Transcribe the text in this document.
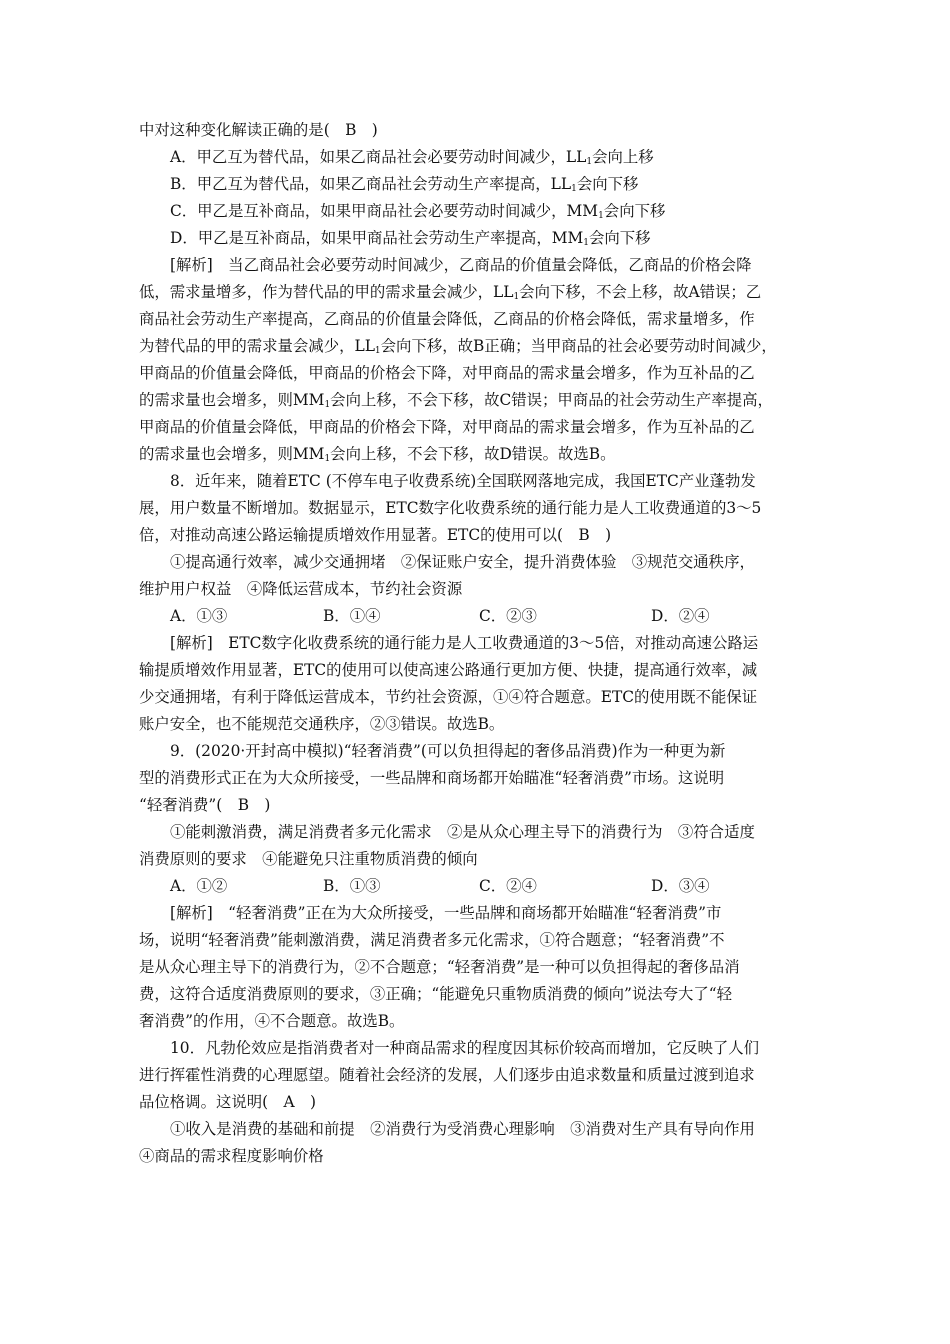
中对这种变化解读正确的是(　B　)
A．甲乙互为替代品，如果乙商品社会必要劳动时间减少，$LL_1$会向上移
B．甲乙互为替代品，如果乙商品社会劳动生产率提高，$LL_1$会向下移
C．甲乙是互补商品，如果甲商品社会必要劳动时间减少，$MM_1$会向下移
D．甲乙是互补商品，如果甲商品社会劳动生产率提高，$MM_1$会向下移
[解析]　当乙商品社会必要劳动时间减少，乙商品的价值量会降低，乙商品的价格会降
低，需求量增多，作为替代品的甲的需求量会减少，$LL_1$会向下移，不会上移，故A错误；乙
商品社会劳动生产率提高，乙商品的价值量会降低，乙商品的价格会降低，需求量增多，作
为替代品的甲的需求量会减少，$LL_1$会向下移，故B正确；当甲商品的社会必要劳动时间减少，
甲商品的价值量会降低，甲商品的价格会下降，对甲商品的需求量会增多，作为互补品的乙
的需求量也会增多，则$MM_1$会向上移，不会下移，故C错误；甲商品的社会劳动生产率提高，
甲商品的价值量会降低，甲商品的价格会下降，对甲商品的需求量会增多，作为互补品的乙
的需求量也会增多，则$MM_1$会向上移，不会下移，故D错误。故选B。
8．近年来，随着ETC (不停车电子收费系统)全国联网落地完成，我国ETC产业蓬勃发
展，用户数量不断增加。数据显示，ETC数字化收费系统的通行能力是人工收费通道的3～5
倍，对推动高速公路运输提质增效作用显著。ETC的使用可以(　B　)
①提高通行效率，减少交通拥堵　②保证账户安全，提升消费体验　③规范交通秩序，
维护用户权益　④降低运营成本，节约社会资源
A．①③	B．①④	C．②③	D．②④
[解析]　ETC数字化收费系统的通行能力是人工收费通道的3～5倍，对推动高速公路运
输提质增效作用显著，ETC的使用可以使高速公路通行更加方便、快捷，提高通行效率，减
少交通拥堵，有利于降低运营成本，节约社会资源，①④符合题意。ETC的使用既不能保证
账户安全，也不能规范交通秩序，②③错误。故选B。
9．(2020·开封高中模拟)“轻奢消费”(可以负担得起的奢侈品消费)作为一种更为新
型的消费形式正在为大众所接受，一些品牌和商场都开始瞄准“轻奢消费”市场。这说明
“轻奢消费”(　B　)
①能刺激消费，满足消费者多元化需求　②是从众心理主导下的消费行为　③符合适度
消费原则的要求　④能避免只注重物质消费的倾向
A．①②	B．①③	C．②④	D．③④
[解析]　“轻奢消费”正在为大众所接受，一些品牌和商场都开始瞄准“轻奢消费”市
场，说明“轻奢消费”能刺激消费，满足消费者多元化需求，①符合题意；“轻奢消费”不
是从众心理主导下的消费行为，②不合题意；“轻奢消费”是一种可以负担得起的奢侈品消
费，这符合适度消费原则的要求，③正确；“能避免只重物质消费的倾向”说法夸大了“轻
奢消费”的作用，④不合题意。故选B。
10．凡勃伦效应是指消费者对一种商品需求的程度因其标价较高而增加，它反映了人们
进行挥霍性消费的心理愿望。随着社会经济的发展，人们逐步由追求数量和质量过渡到追求
品位格调。这说明(　A　)
①收入是消费的基础和前提　②消费行为受消费心理影响　③消费对生产具有导向作用
④商品的需求程度影响价格
